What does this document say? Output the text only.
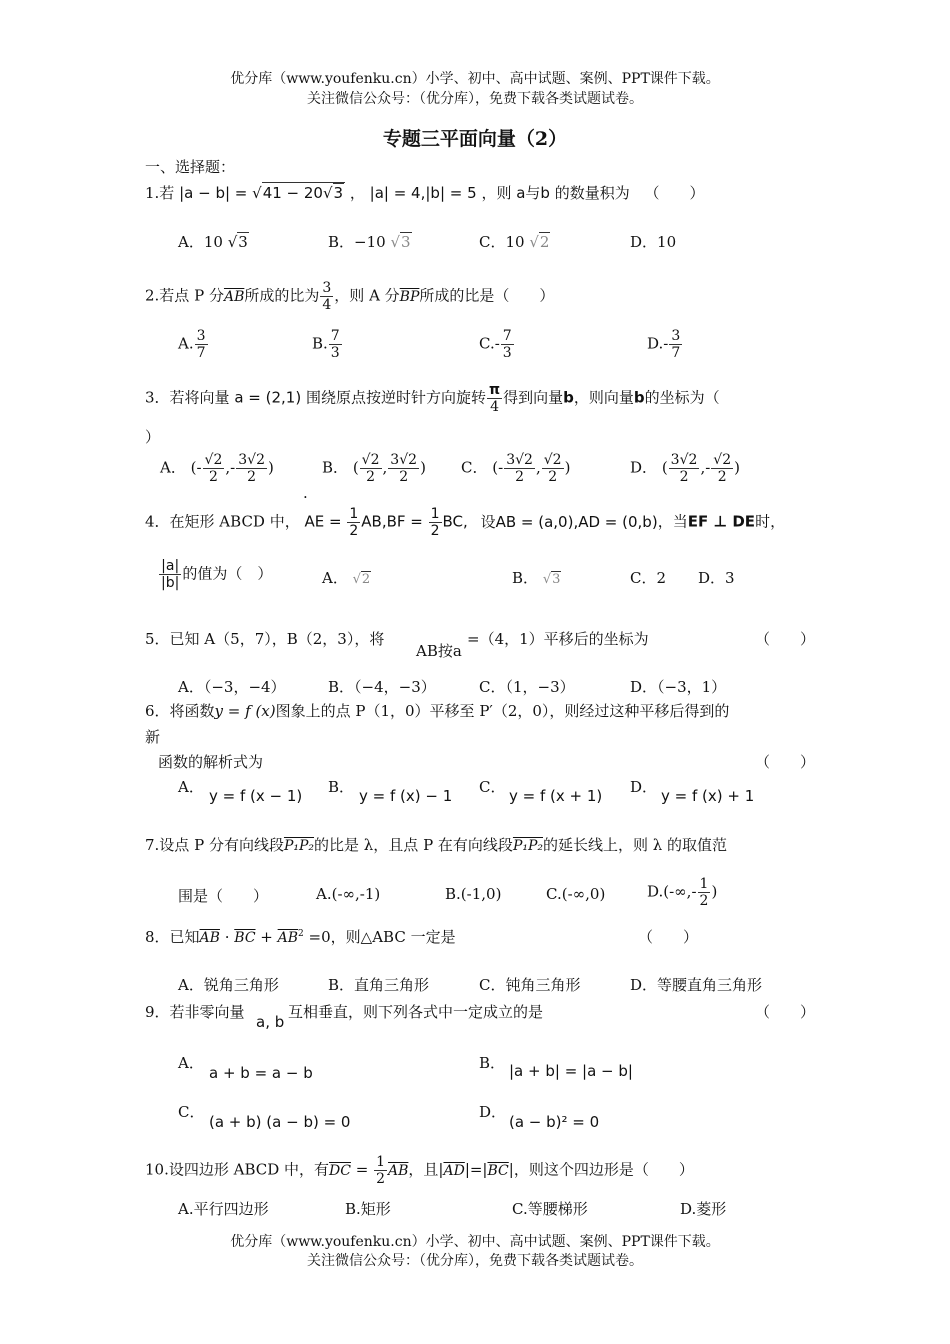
优分库（www.youfenku.cn）小学、初中、高中试题、案例、PPT课件下载。
关注微信公众号：（优分库），免费下载各类试题试卷。
专题三平面向量（2）
一、选择题：
1.若 |a − b| = √41 − 20√3 ， |a| = 4,|b| = 5 ，则 a与b 的数量积为 （　　）
A．10 √3	B．−10 √3	C．10 √2	D．10
2.若点 P 分$\overline{AB}$所成的比为 $\frac{3}{4}$ ，则 A 分$\overline{BP}$所成的比是（　　）
A. $\frac{3}{7}$	B. $\frac{7}{3}$	$C.- \frac{7}{3}$	$D.- \frac{3}{7}$
3．若将向量 a = (2,1) 围绕原点按逆时针方向旋转 $\frac{\pi}{4}$ 得到向量b，则向量b的坐标为（
）
A． (- $\frac{√2}{2}$ ,- $\frac{3√2}{2}$ )
.
B． ( $\frac{√2}{2}$ , $\frac{3√2}{2}$ ) C． (- $\frac{3√2}{2}$ , $\frac{√2}{2}$ )	D． ( $\frac{3√2}{2}$ ,- $\frac{√2}{2}$ )
4．在矩形 ABCD 中， AE = $\frac{1}{2} AB,BF = \frac{1}{2}$ BC, 设AB = (a,0),AD = (0,b)，当EF ⊥ DE时，
$\frac{|a|}{|b|}$ 的值为（　）	A． √2	B． √3	C．2 D．3
5．已知 A（5，7），B（2，3），将
AB按a
=（4，1）平移后的坐标为	（　　）
A．（−3，−4）	B．（−4，−3）	C．（1，−3）	D．（−3，1）
6．将函数y = f (x)图象上的点 P（1，0）平移至 P′（2，0），则经过这种平移后得到的
新
函数的解析式为	（　　）
A． y = f (x − 1) B． y = f (x) − 1 C． y = f (x + 1) D． y = f (x) + 1
7.设点 P 分有向线段P₁P₂的比是 λ，且点 P 在有向线段P₁P₂的延长线上，则 λ 的取值范
围是（　　）	A.(-∞,-1)	B.(-1,0)	C.(-∞,0)	$D.(-\infty,- \frac{1}{2}$ )
8．已知$\overline{AB} \cdot \overline{BC} + \overline{AB}^2 =0$，则△ABC 一定是	（　　）
A．锐角三角形	B．直角三角形	C．钝角三角形	D．等腰直角三角形
9．若非零向量
a, b
互相垂直，则下列各式中一定成立的是	（　　）
A．
a + b = a − b
B． |a + b| = |a − b|
C．
(a + b) (a − b) = 0
D．
(a − b)² = 0
10.设四边形 ABCD 中，有$\overline{DC} = \frac{1}{2} \overline{AB}$，且$|\overline{AD}|=|\overline{BC}|$，则这个四边形是（　　）
A.平行四边形	B.矩形	C.等腰梯形	D.菱形
优分库（www.youfenku.cn）小学、初中、高中试题、案例、PPT课件下载。
关注微信公众号：（优分库），免费下载各类试题试卷。
